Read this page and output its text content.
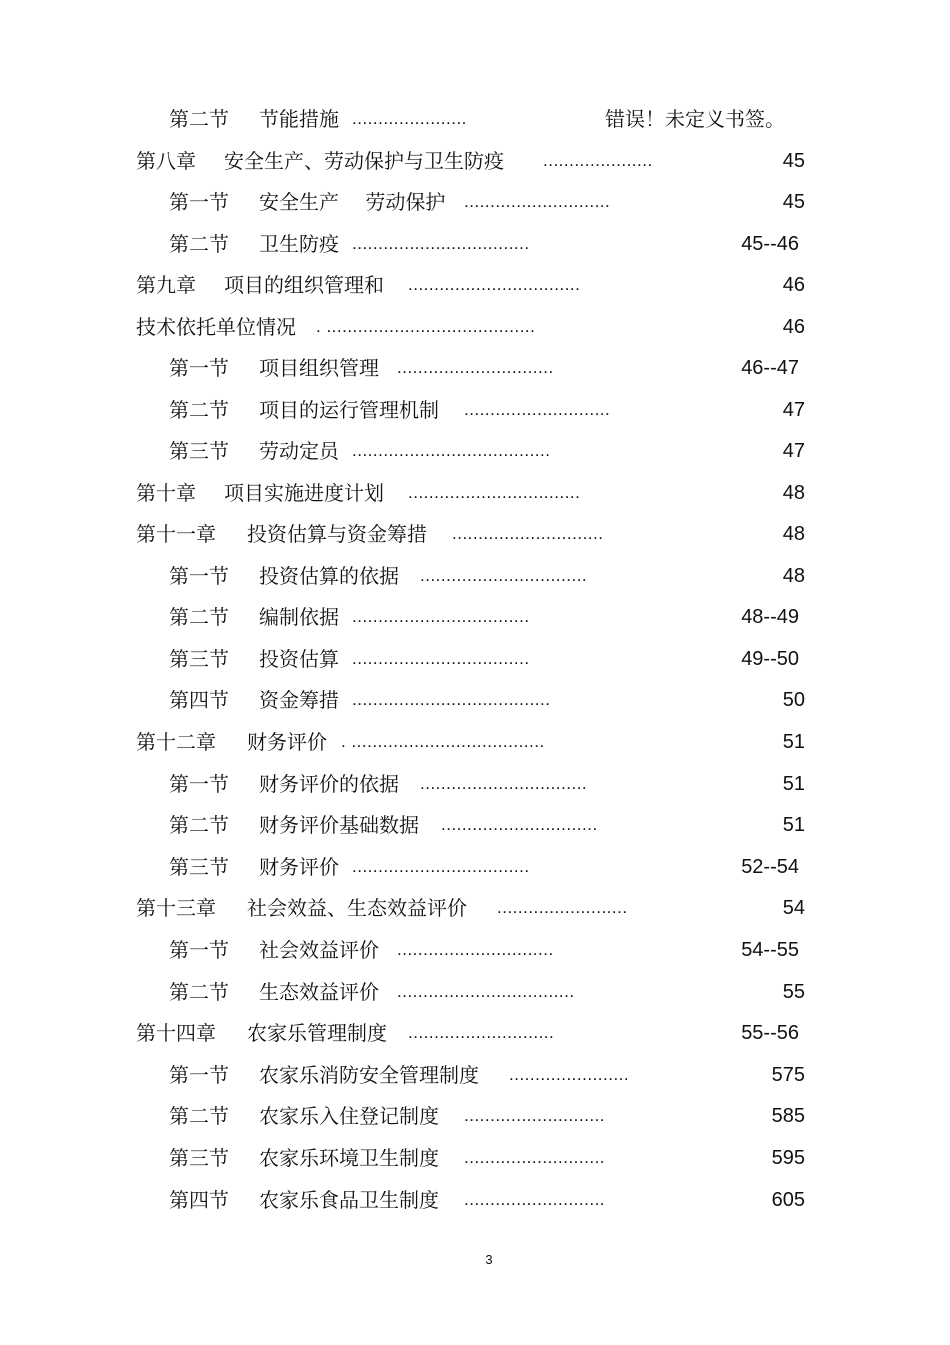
第二节 节能措施 ......................	错误！未定义书签。
第八章 安全生产、劳动保护与卫生防疫 .....................	45
第一节 安全生产　 劳动保护 ............................	45
第二节 卫生防疫 ..................................	45--46
第九章 项目的组织管理和 .................................	46
技术依托单位情况 . ........................................	46
第一节 项目组织管理 ..............................	46--47
第二节 项目的运行管理机制 ............................	47
第三节 劳动定员 ......................................	47
第十章 项目实施进度计划 .................................	48
第十一章 投资估算与资金筹措 .............................	48
第一节 投资估算的依据 ................................	48
第二节 编制依据 ..................................	48--49
第三节 投资估算 ..................................	49--50
第四节 资金筹措 ......................................	50
第十二章 财务评价 . .....................................	51
第一节 财务评价的依据 ................................	51
第二节 财务评价基础数据 ..............................	51
第三节 财务评价 ..................................	52--54
第十三章 社会效益、生态效益评价 .........................	54
第一节 社会效益评价 ..............................	54--55
第二节 生态效益评价 ..................................	55
第十四章 农家乐管理制度 ............................	55--56
第一节 农家乐消防安全管理制度 .......................	575
第二节 农家乐入住登记制度 ...........................	585
第三节 农家乐环境卫生制度 ...........................	595
第四节 农家乐食品卫生制度 ...........................	605
3
